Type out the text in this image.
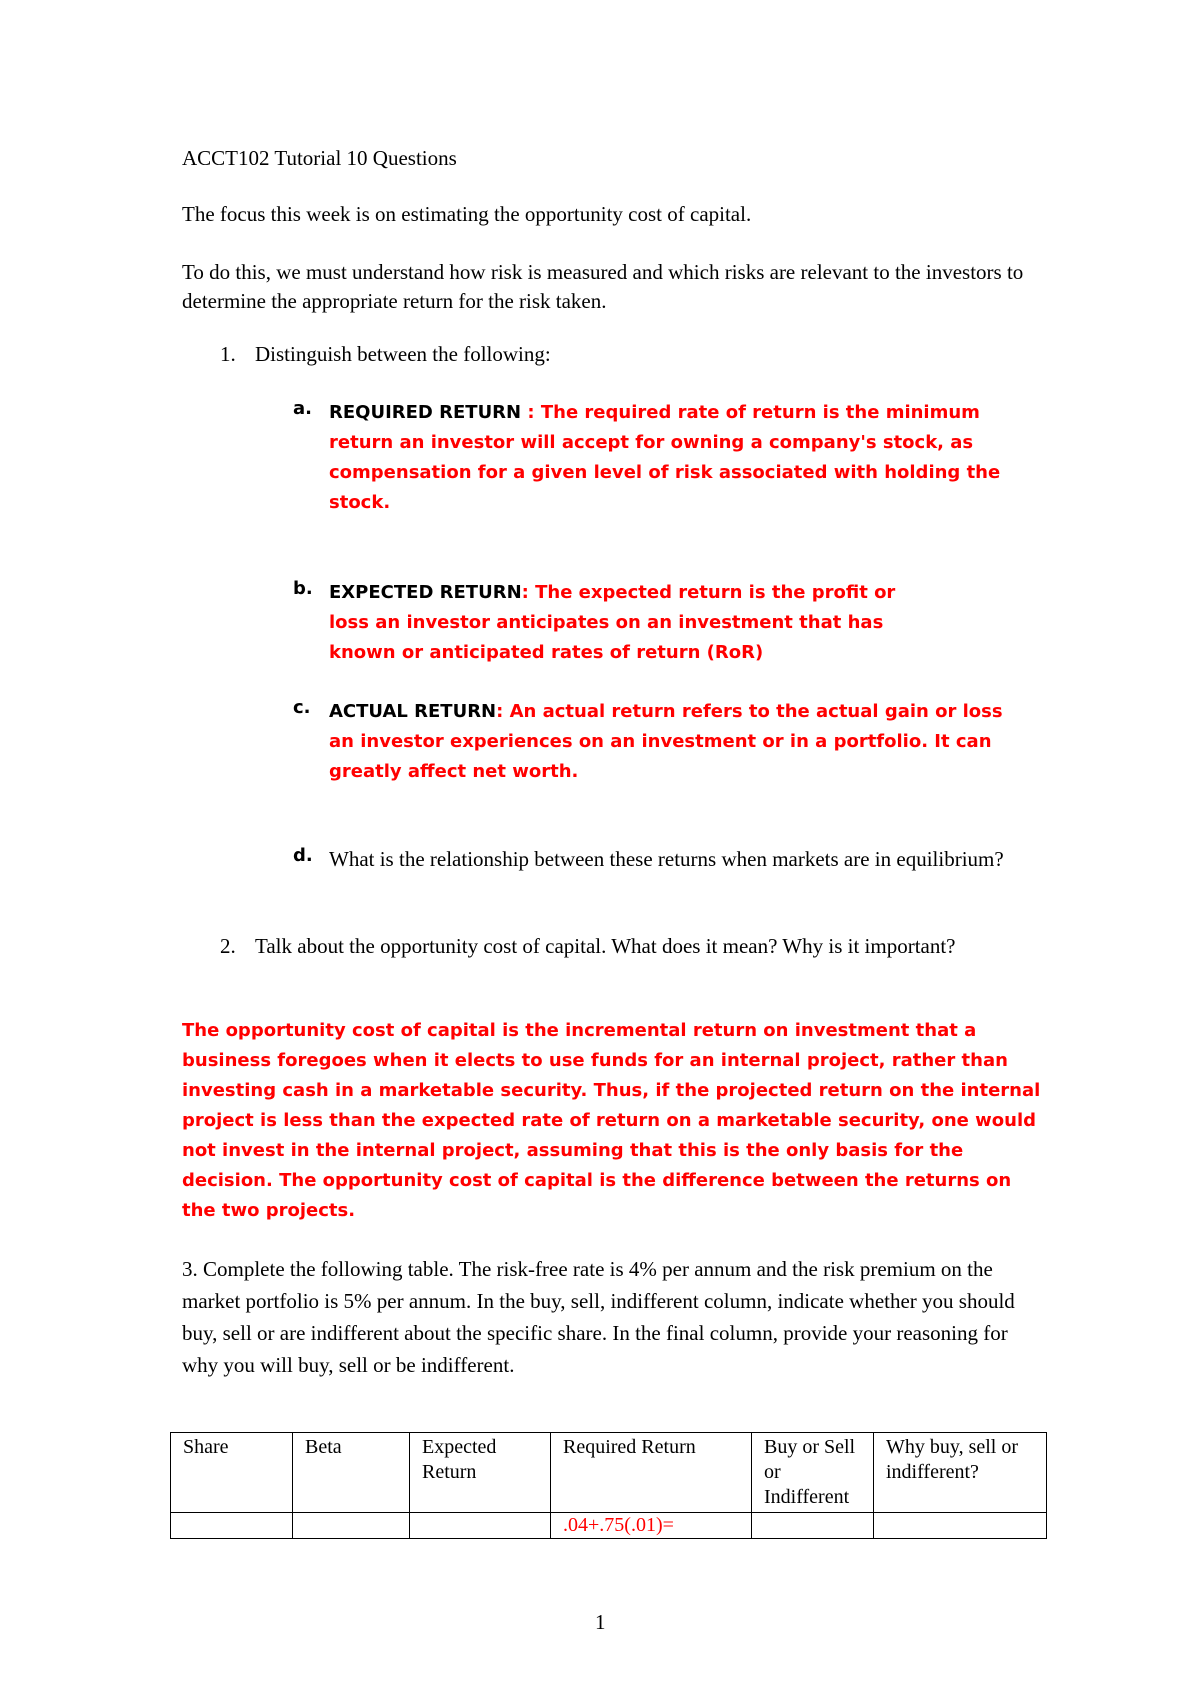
ACCT102 Tutorial 10 Questions
The focus this week is on estimating the opportunity cost of capital.
To do this, we must understand how risk is measured and which risks are relevant to the investors to determine the appropriate return for the risk taken.
1. Distinguish between the following:
a. REQUIRED RETURN : The required rate of return is the minimum return an investor will accept for owning a company's stock, as compensation for a given level of risk associated with holding the stock.
b. EXPECTED RETURN: The expected return is the profit or loss an investor anticipates on an investment that has known or anticipated rates of return (RoR)
c. ACTUAL RETURN: An actual return refers to the actual gain or loss an investor experiences on an investment or in a portfolio. It can greatly affect net worth.
d. What is the relationship between these returns when markets are in equilibrium?
2. Talk about the opportunity cost of capital. What does it mean? Why is it important?
The opportunity cost of capital is the incremental return on investment that a business foregoes when it elects to use funds for an internal project, rather than investing cash in a marketable security. Thus, if the projected return on the internal project is less than the expected rate of return on a marketable security, one would not invest in the internal project, assuming that this is the only basis for the decision. The opportunity cost of capital is the difference between the returns on the two projects.
3. Complete the following table. The risk-free rate is 4% per annum and the risk premium on the market portfolio is 5% per annum. In the buy, sell, indifferent column, indicate whether you should buy, sell or are indifferent about the specific share. In the final column, provide your reasoning for why you will buy, sell or be indifferent.
Share	Beta	Expected Return	Required Return	Buy or Sell or Indifferent	Why buy, sell or indifferent?
			.04+.75(.01)=		
1
